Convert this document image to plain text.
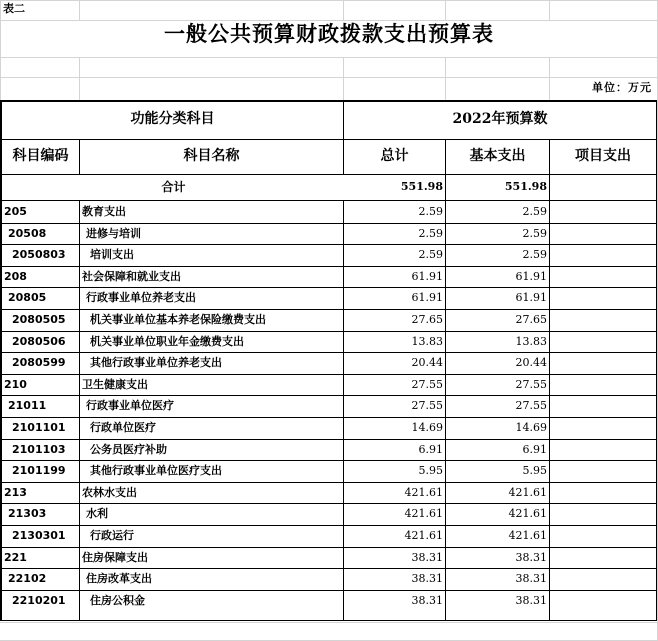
表二
一般公共预算财政拨款支出预算表
单位：万元
功能分类科目	2022年预算数
科目编码	科目名称	总计	基本支出	项目支出
合计	551.98	551.98
205	教育支出	2.59	2.59
20508	进修与培训	2.59	2.59
2050803	培训支出	2.59	2.59
208	社会保障和就业支出	61.91	61.91
20805	行政事业单位养老支出	61.91	61.91
2080505	机关事业单位基本养老保险缴费支出	27.65	27.65
2080506	机关事业单位职业年金缴费支出	13.83	13.83
2080599	其他行政事业单位养老支出	20.44	20.44
210	卫生健康支出	27.55	27.55
21011	行政事业单位医疗	27.55	27.55
2101101	行政单位医疗	14.69	14.69
2101103	公务员医疗补助	6.91	6.91
2101199	其他行政事业单位医疗支出	5.95	5.95
213	农林水支出	421.61	421.61
21303	水利	421.61	421.61
2130301	行政运行	421.61	421.61
221	住房保障支出	38.31	38.31
22102	住房改革支出	38.31	38.31
2210201	住房公积金	38.31	38.31
